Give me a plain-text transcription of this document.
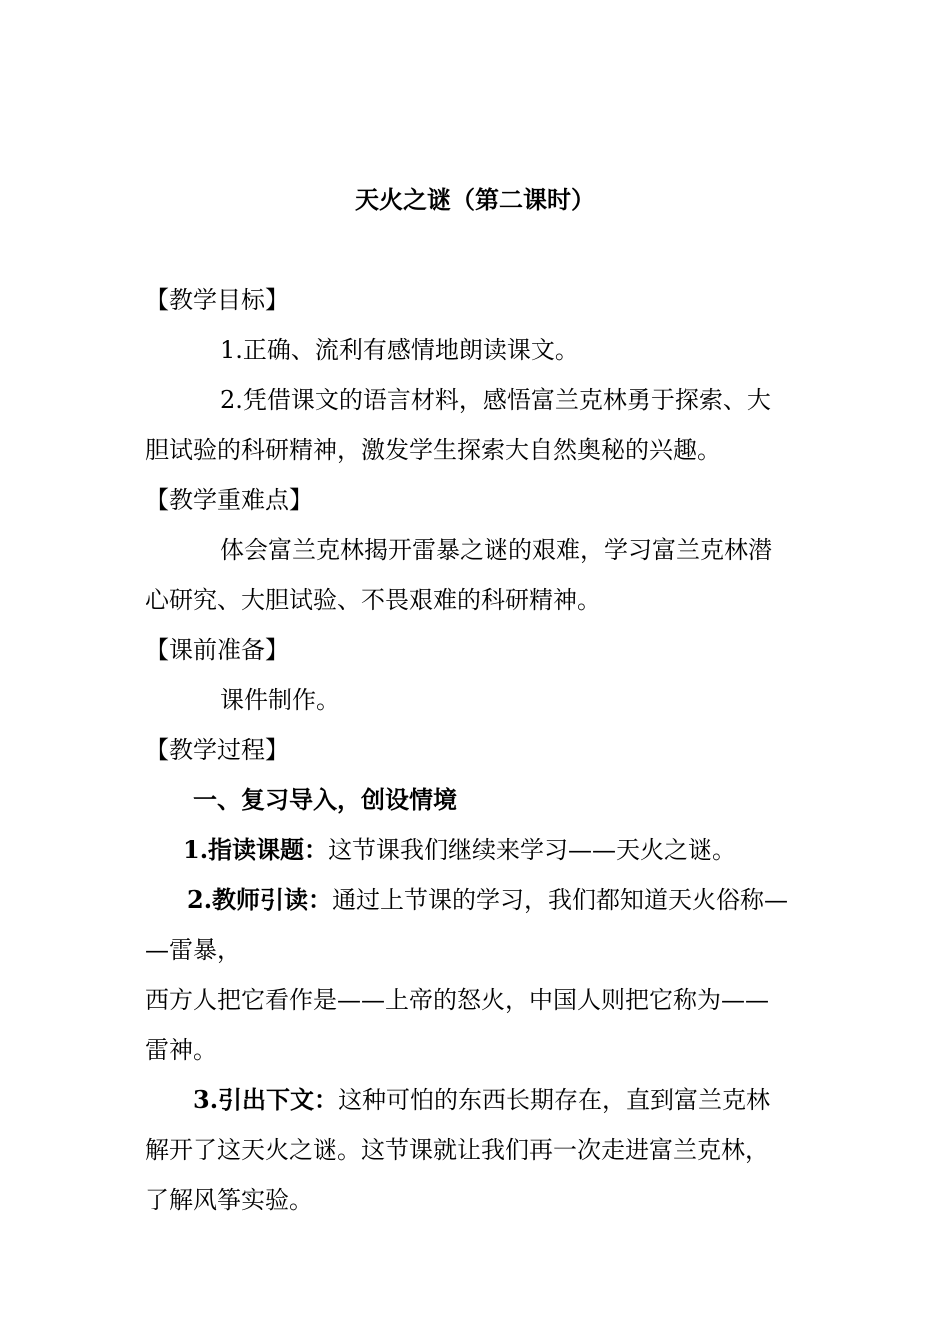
天火之谜（第二课时）
【教学目标】
1.正确、流利有感情地朗读课文。
2.凭借课文的语言材料，感悟富兰克林勇于探索、大
胆试验的科研精神，激发学生探索大自然奥秘的兴趣。
【教学重难点】
体会富兰克林揭开雷暴之谜的艰难，学习富兰克林潜
心研究、大胆试验、不畏艰难的科研精神。
【课前准备】
课件制作。
【教学过程】
一、复习导入，创设情境
1.指读课题：这节课我们继续来学习——天火之谜。
2.教师引读：通过上节课的学习，我们都知道天火俗称—
—雷暴，
西方人把它看作是——上帝的怒火，中国人则把它称为——
雷神。
3.引出下文：这种可怕的东西长期存在，直到富兰克林
解开了这天火之谜。这节课就让我们再一次走进富兰克林，
了解风筝实验。
